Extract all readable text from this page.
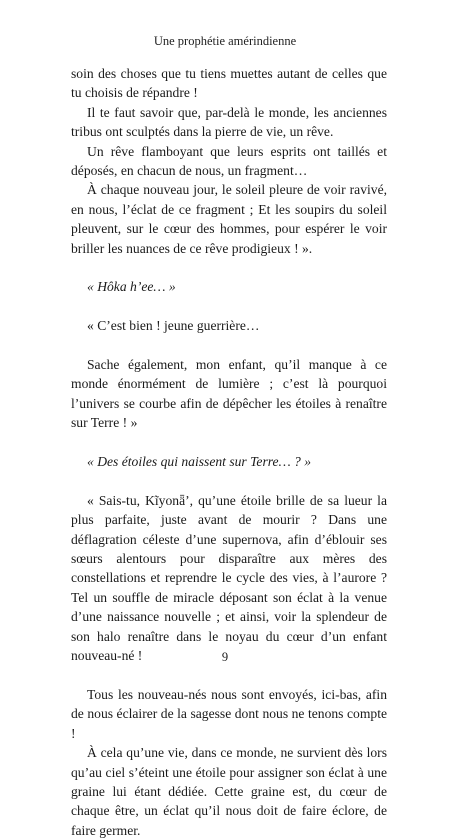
Une prophétie amérindienne

soin des choses que tu tiens muettes autant de celles que tu choisis de répandre !

Il te faut savoir que, par-delà le monde, les anciennes tribus ont sculptés dans la pierre de vie, un rêve.

Un rêve flamboyant que leurs esprits ont taillés et déposés, en chacun de nous, un fragment…

À chaque nouveau jour, le soleil pleure de voir ravivé, en nous, l’éclat de ce fragment ; Et les soupirs du soleil pleuvent, sur le cœur des hommes, pour espérer le voir briller les nuances de ce rêve prodigieux ! ».

« Hôka h’ee… »

« C’est bien ! jeune guerrière…

Sache également, mon enfant, qu’il manque à ce monde énormément de lumière ; c’est là pourquoi l’univers se courbe afin de dépêcher les étoiles à renaître sur Terre ! »

« Des étoiles qui naissent sur Terre… ? »

« Sais-tu, Kĩyonǟ’, qu’une étoile brille de sa lueur la plus parfaite, juste avant de mourir ? Dans une déflagration céleste d’une supernova, afin d’éblouir ses sœurs alentours pour disparaître aux mères des constellations et reprendre le cycle des vies, à l’aurore ? Tel un souffle de miracle déposant son éclat à la venue d’une naissance nouvelle ; et ainsi, voir la splendeur de son halo renaître dans le noyau du cœur d’un enfant nouveau-né !

Tous les nouveau-nés nous sont envoyés, ici-bas, afin de nous éclairer de la sagesse dont nous ne tenons compte !

À cela qu’une vie, dans ce monde, ne survient dès lors qu’au ciel s’éteint une étoile pour assigner son éclat à une graine lui étant dédiée. Cette graine est, du cœur de chaque être, un éclat qu’il nous doit de faire éclore, de faire germer.

9
